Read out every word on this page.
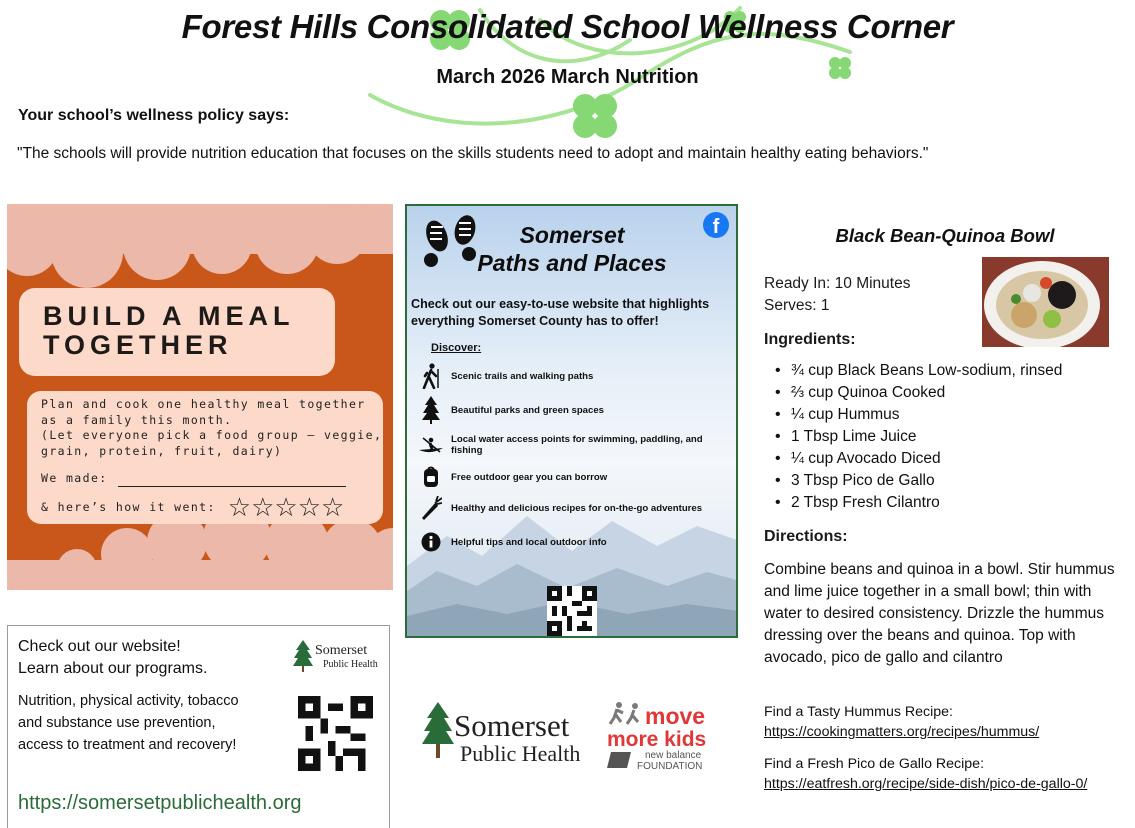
Forest Hills Consolidated School Wellness Corner
March 2026 March Nutrition
Your school’s wellness policy says:
"The schools will provide nutrition education that focuses on the skills students need to adopt and maintain healthy eating behaviors."
BUILD A MEAL
TOGETHER
Plan and cook one healthy meal together
as a family this month.
(Let everyone pick a food group — veggie,
grain, protein, fruit, dairy)
We made:
& here’s how it went: ☆☆☆☆☆
Somerset
Paths and Places
f
Check out our easy-to-use website that highlights everything Somerset County has to offer!
Discover:
Scenic trails and walking paths
Beautiful parks and green spaces
Local water access points for swimming, paddling, and fishing
Free outdoor gear you can borrow
Healthy and delicious recipes for on-the-go adventures
Helpful tips and local outdoor info
Check out our website!
Learn about our programs.
Nutrition, physical activity, tobacco and substance use prevention, access to treatment and recovery!
https://somersetpublichealth.org
Somerset
Public Health
Somerset
Public Health
move
more kids
new balance
FOUNDATION
Black Bean-Quinoa Bowl
Ready In: 10 Minutes
Serves: 1
Ingredients:
• ¾ cup Black Beans Low-sodium, rinsed
• ⅔ cup Quinoa Cooked
• ¼ cup Hummus
• 1 Tbsp Lime Juice
• ¼ cup Avocado Diced
• 3 Tbsp Pico de Gallo
• 2 Tbsp Fresh Cilantro
Directions:
Combine beans and quinoa in a bowl. Stir hummus and lime juice together in a small bowl; thin with water to desired consistency. Drizzle the hummus dressing over the beans and quinoa. Top with avocado, pico de gallo and cilantro
Find a Tasty Hummus Recipe:
https://cookingmatters.org/recipes/hummus/
Find a Fresh Pico de Gallo Recipe:
https://eatfresh.org/recipe/side-dish/pico-de-gallo-0/
